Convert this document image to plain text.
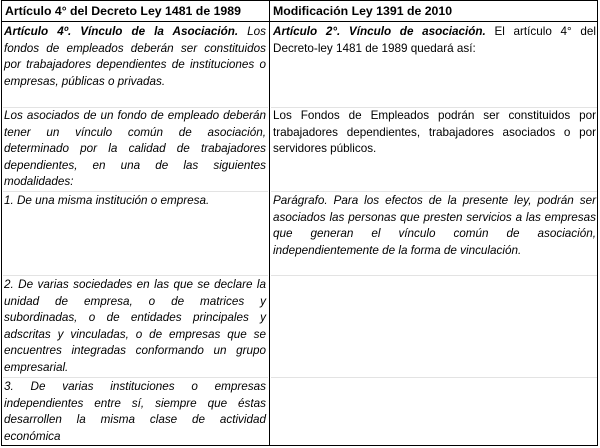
Artículo 4° del Decreto Ley 1481 de 1989	Modificación Ley 1391 de 2010
Artículo 4º. Vínculo de la Asociación. Los fondos de empleados deberán ser constituidos por trabajadores dependientes de instituciones o empresas, públicas o privadas.
Los asociados de un fondo de empleado deberán tener un vínculo común de asociación, determinado por la calidad de trabajadores dependientes, en una de las siguientes modalidades:
1. De una misma institución o empresa.
2. De varias sociedades en las que se declare la unidad de empresa, o de matrices y subordinadas, o de entidades principales y adscritas y vinculadas, o de empresas que se encuentres integradas conformando un grupo empresarial.
3. De varias instituciones o empresas independientes entre sí, siempre que éstas desarrollen la misma clase de actividad económica
Artículo 2°. Vínculo de asociación. El artículo 4° del Decreto-ley 1481 de 1989 quedará así:
Los Fondos de Empleados podrán ser constituidos por trabajadores dependientes, trabajadores asociados o por servidores públicos.
Parágrafo. Para los efectos de la presente ley, podrán ser asociados las personas que presten servicios a las empresas que generan el vínculo común de asociación, independientemente de la forma de vinculación.
